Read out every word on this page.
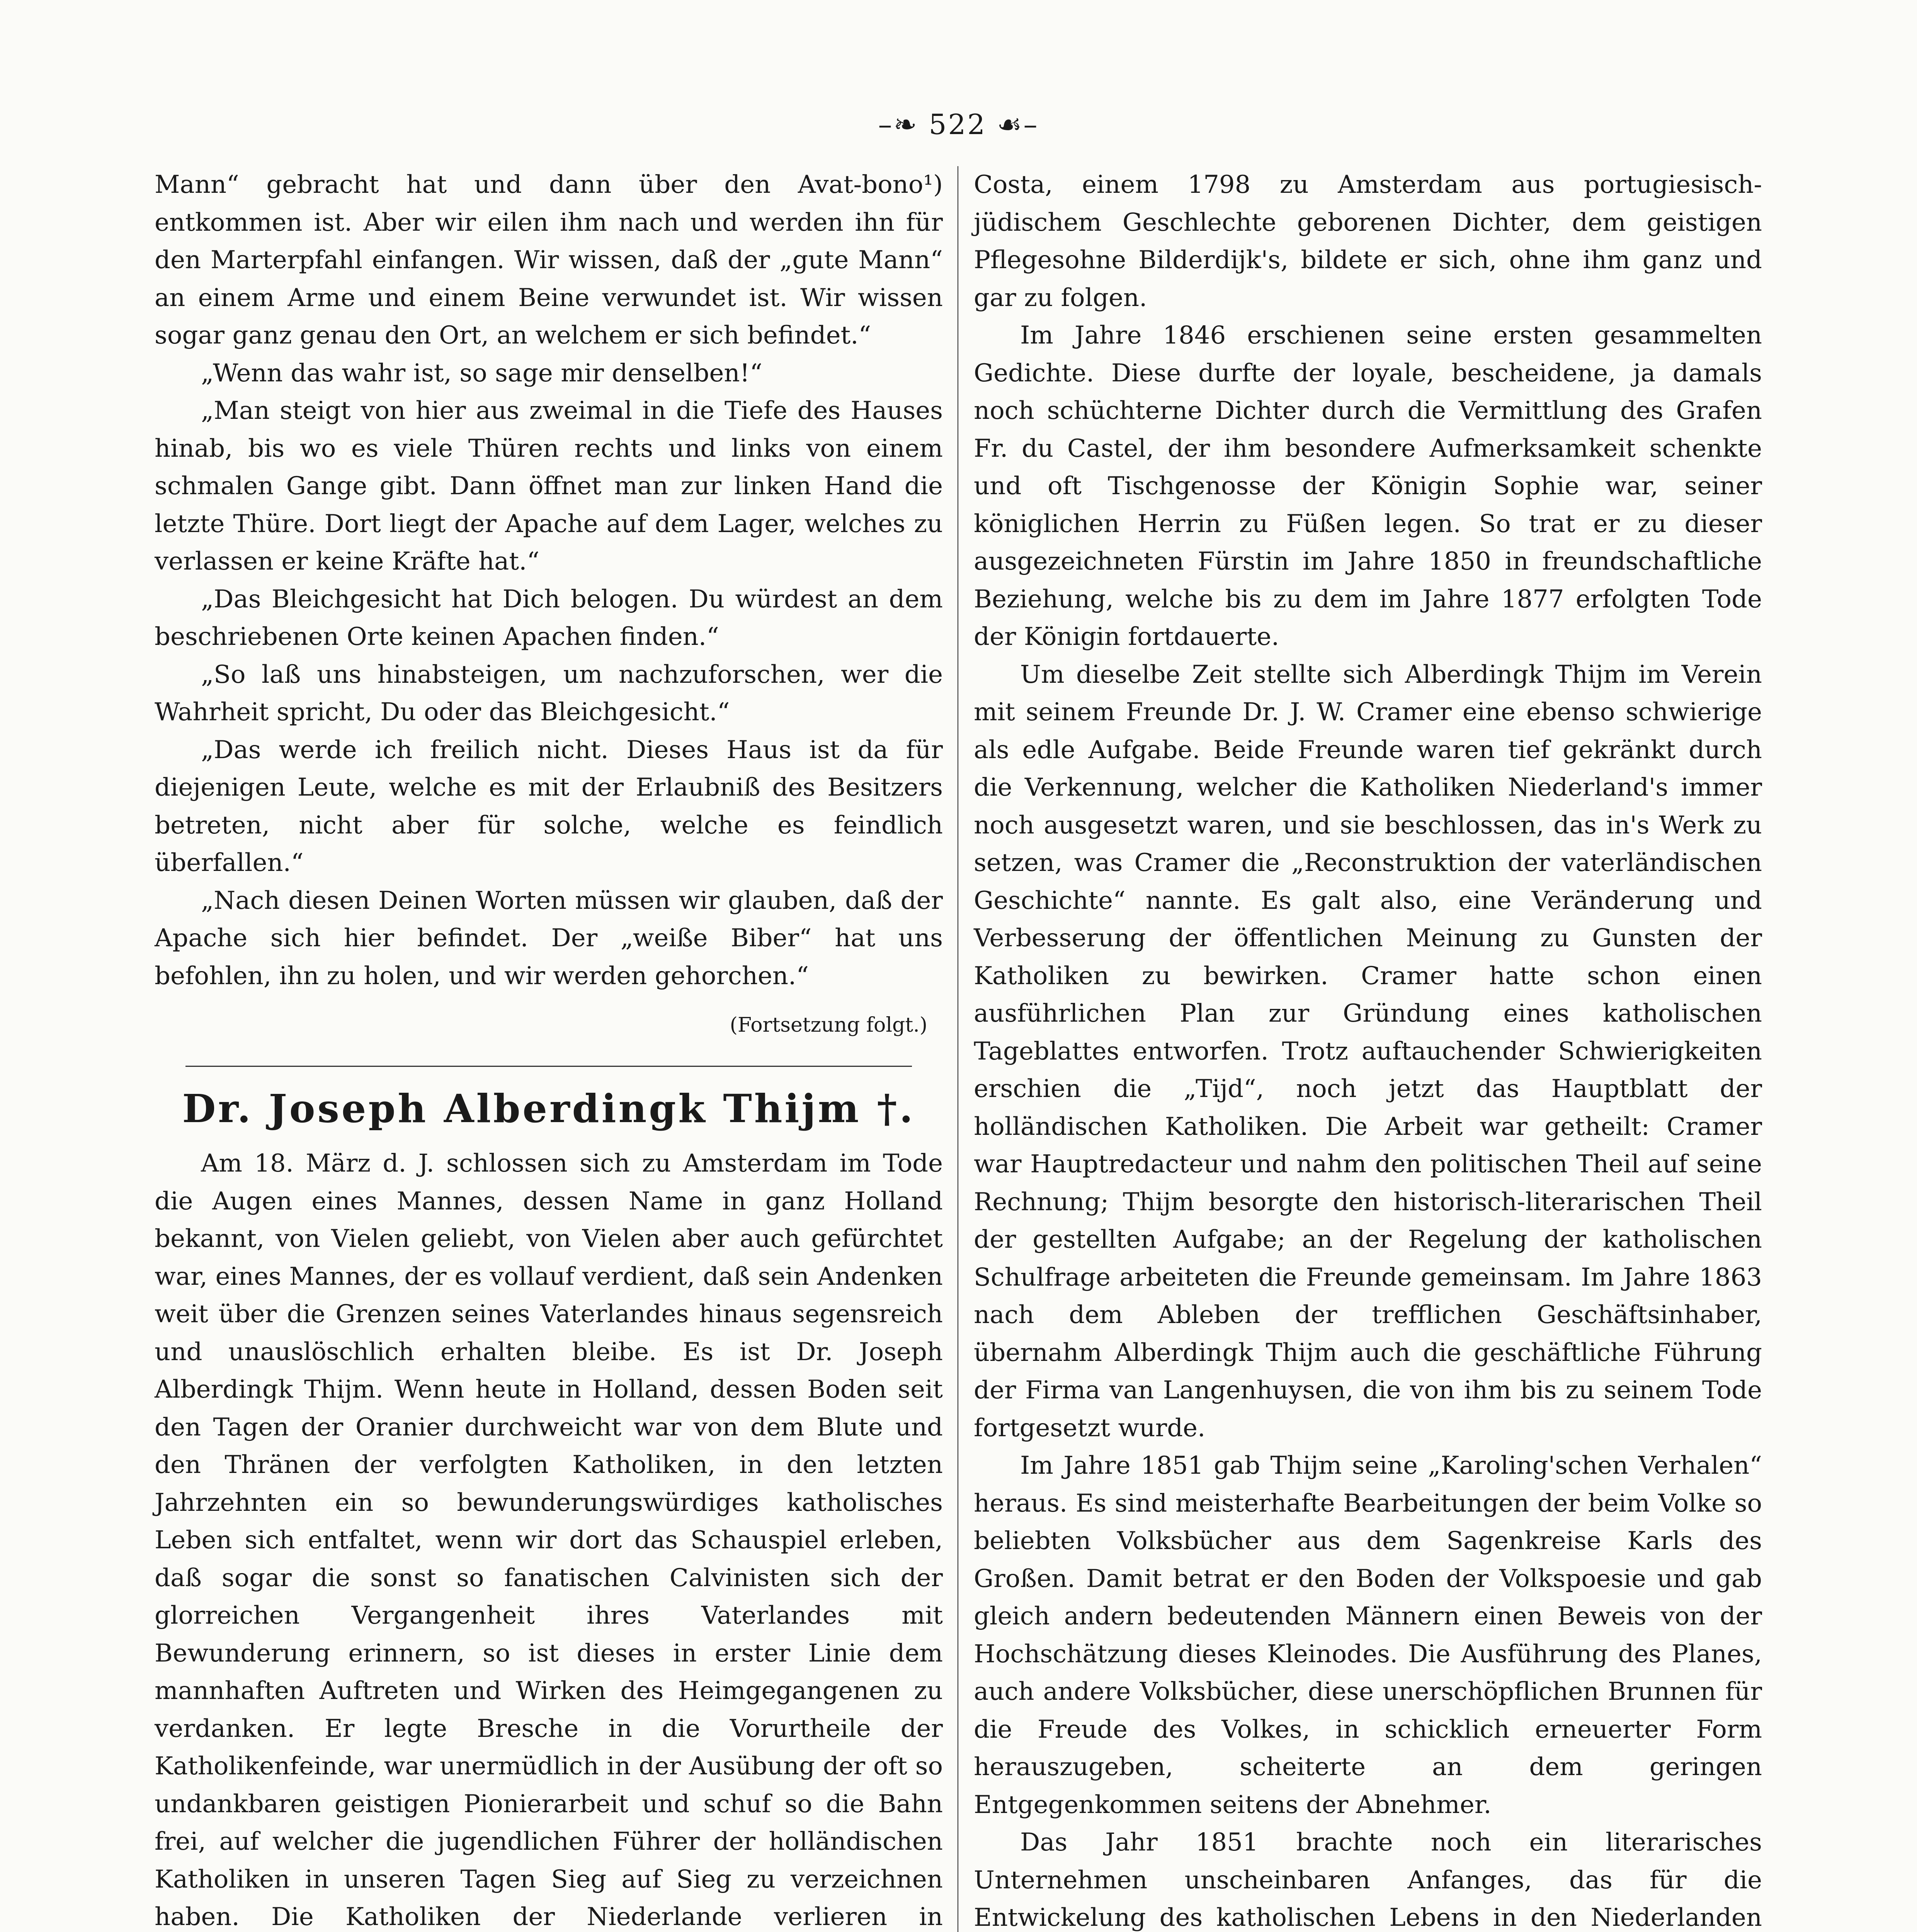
–❧ 522 ☙–

Mann“ gebracht hat und dann über den Avat-bono¹) entkommen ist. Aber wir eilen ihm nach und werden ihn für den Marterpfahl einfangen. Wir wissen, daß der „gute Mann“ an einem Arme und einem Beine verwundet ist. Wir wissen sogar ganz genau den Ort, an welchem er sich befindet.“

„Wenn das wahr ist, so sage mir denselben!“

„Man steigt von hier aus zweimal in die Tiefe des Hauses hinab, bis wo es viele Thüren rechts und links von einem schmalen Gange gibt. Dann öffnet man zur linken Hand die letzte Thüre. Dort liegt der Apache auf dem Lager, welches zu verlassen er keine Kräfte hat.“

„Das Bleichgesicht hat Dich belogen. Du würdest an dem beschriebenen Orte keinen Apachen finden.“

„So laß uns hinabsteigen, um nachzuforschen, wer die Wahrheit spricht, Du oder das Bleichgesicht.“

„Das werde ich freilich nicht. Dieses Haus ist da für diejenigen Leute, welche es mit der Erlaubniß des Besitzers betreten, nicht aber für solche, welche es feindlich überfallen.“

„Nach diesen Deinen Worten müssen wir glauben, daß der Apache sich hier befindet. Der „weiße Biber“ hat uns befohlen, ihn zu holen, und wir werden gehorchen.“

(Fortsetzung folgt.)

Dr. Joseph Alberdingk Thijm †.

Am 18. März d. J. schlossen sich zu Amsterdam im Tode die Augen eines Mannes, dessen Name in ganz Holland bekannt, von Vielen geliebt, von Vielen aber auch gefürchtet war, eines Mannes, der es vollauf verdient, daß sein Andenken weit über die Grenzen seines Vaterlandes hinaus segensreich und unauslöschlich erhalten bleibe. Es ist Dr. Joseph Alberdingk Thijm. Wenn heute in Holland, dessen Boden seit den Tagen der Oranier durchweicht war von dem Blute und den Thränen der verfolgten Katholiken, in den letzten Jahrzehnten ein so bewunderungswürdiges katholisches Leben sich entfaltet, wenn wir dort das Schauspiel erleben, daß sogar die sonst so fanatischen Calvinisten sich der glorreichen Vergangenheit ihres Vaterlandes mit Bewunderung erinnern, so ist dieses in erster Linie dem mannhaften Auftreten und Wirken des Heimgegangenen zu verdanken. Er legte Bresche in die Vorurtheile der Katholikenfeinde, war unermüdlich in der Ausübung der oft so undankbaren geistigen Pionierarbeit und schuf so die Bahn frei, auf welcher die jugendlichen Führer der holländischen Katholiken in unseren Tagen Sieg auf Sieg zu verzeichnen haben. Die Katholiken der Niederlande verlieren in

Costa, einem 1798 zu Amsterdam aus portugiesisch-jüdischem Geschlechte geborenen Dichter, dem geistigen Pflegesohne Bilderdijk's, bildete er sich, ohne ihm ganz und gar zu folgen.

Im Jahre 1846 erschienen seine ersten gesammelten Gedichte. Diese durfte der loyale, bescheidene, ja damals noch schüchterne Dichter durch die Vermittlung des Grafen Fr. du Castel, der ihm besondere Aufmerksamkeit schenkte und oft Tischgenosse der Königin Sophie war, seiner königlichen Herrin zu Füßen legen. So trat er zu dieser ausgezeichneten Fürstin im Jahre 1850 in freundschaftliche Beziehung, welche bis zu dem im Jahre 1877 erfolgten Tode der Königin fortdauerte.

Um dieselbe Zeit stellte sich Alberdingk Thijm im Verein mit seinem Freunde Dr. J. W. Cramer eine ebenso schwierige als edle Aufgabe. Beide Freunde waren tief gekränkt durch die Verkennung, welcher die Katholiken Niederland's immer noch ausgesetzt waren, und sie beschlossen, das in's Werk zu setzen, was Cramer die „Reconstruktion der vaterländischen Geschichte“ nannte. Es galt also, eine Veränderung und Verbesserung der öffentlichen Meinung zu Gunsten der Katholiken zu bewirken. Cramer hatte schon einen ausführlichen Plan zur Gründung eines katholischen Tageblattes entworfen. Trotz auftauchender Schwierigkeiten erschien die „Tijd“, noch jetzt das Hauptblatt der holländischen Katholiken. Die Arbeit war getheilt: Cramer war Hauptredacteur und nahm den politischen Theil auf seine Rechnung; Thijm besorgte den historisch-literarischen Theil der gestellten Aufgabe; an der Regelung der katholischen Schulfrage arbeiteten die Freunde gemeinsam. Im Jahre 1863 nach dem Ableben der trefflichen Geschäftsinhaber, übernahm Alberdingk Thijm auch die geschäftliche Führung der Firma van Langenhuysen, die von ihm bis zu seinem Tode fortgesetzt wurde.

Im Jahre 1851 gab Thijm seine „Karoling'schen Verhalen“ heraus. Es sind meisterhafte Bearbeitungen der beim Volke so beliebten Volksbücher aus dem Sagenkreise Karls des Großen. Damit betrat er den Boden der Volkspoesie und gab gleich andern bedeutenden Männern einen Beweis von der Hochschätzung dieses Kleinodes. Die Ausführung des Planes, auch andere Volksbücher, diese unerschöpflichen Brunnen für die Freude des Volkes, in schicklich erneuerter Form herauszugeben, scheiterte an dem geringen Entgegenkommen seitens der Abnehmer.

Das Jahr 1851 brachte noch ein literarisches Unternehmen unscheinbaren Anfanges, das für die Entwickelung des katholischen Lebens in den Niederlanden
